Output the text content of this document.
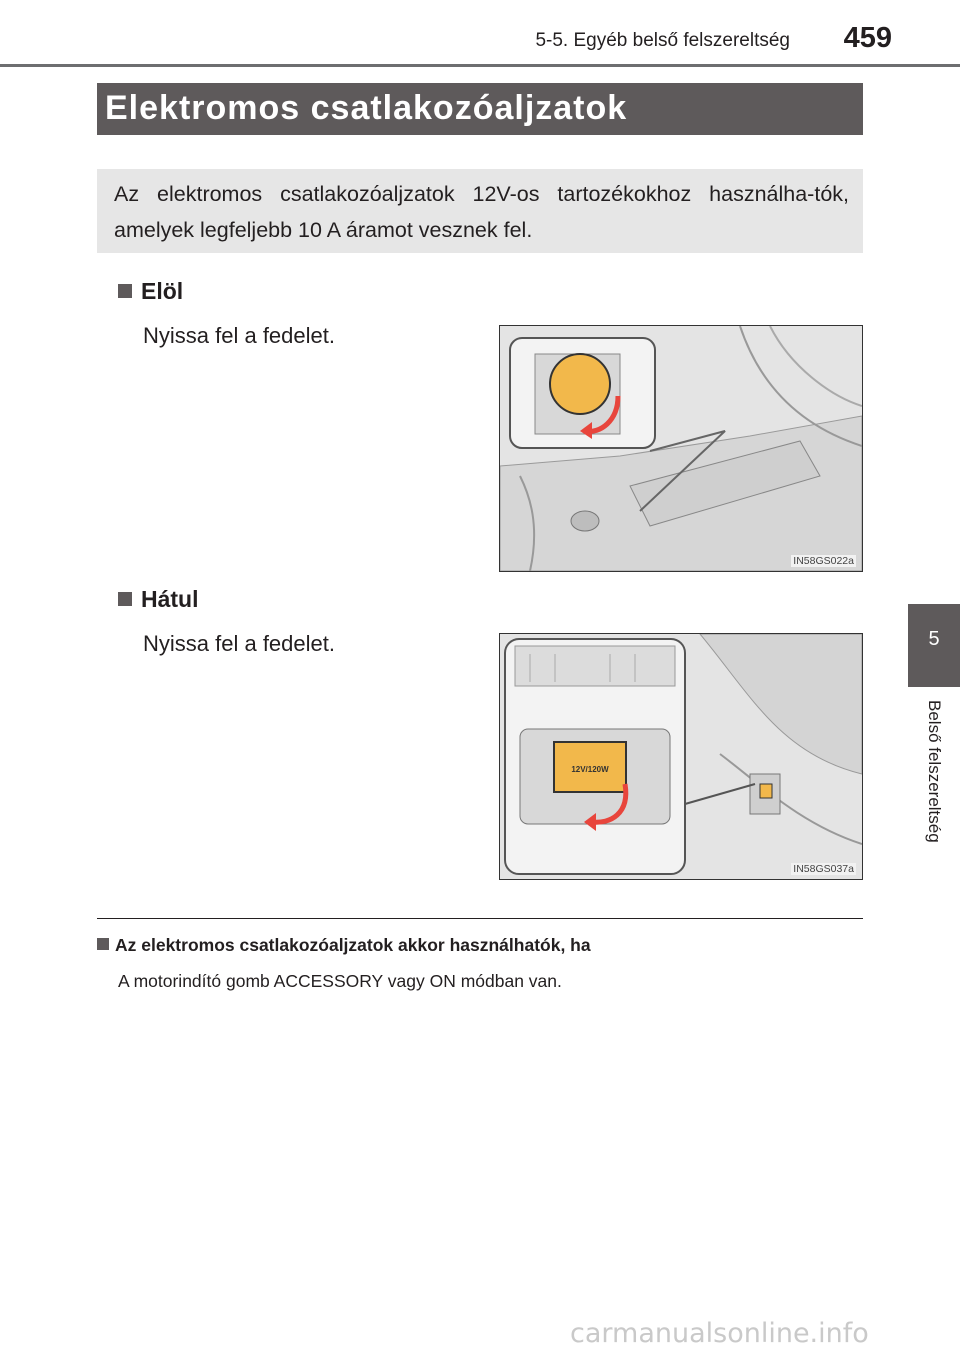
5-5. Egyéb belső felszereltség	459
Elektromos csatlakozóaljzatok
Az elektromos csatlakozóaljzatok 12V-os tartozékokhoz használha-tók, amelyek legfeljebb 10 A áramot vesznek fel.
Elöl
Nyissa fel a fedelet.
IN58GS022a
Hátul
Nyissa fel a fedelet.
12V/120W
IN58GS037a
5
Belső felszereltség
Az elektromos csatlakozóaljzatok akkor használhatók, ha
A motorindító gomb ACCESSORY vagy ON módban van.
carmanualsonline.info
